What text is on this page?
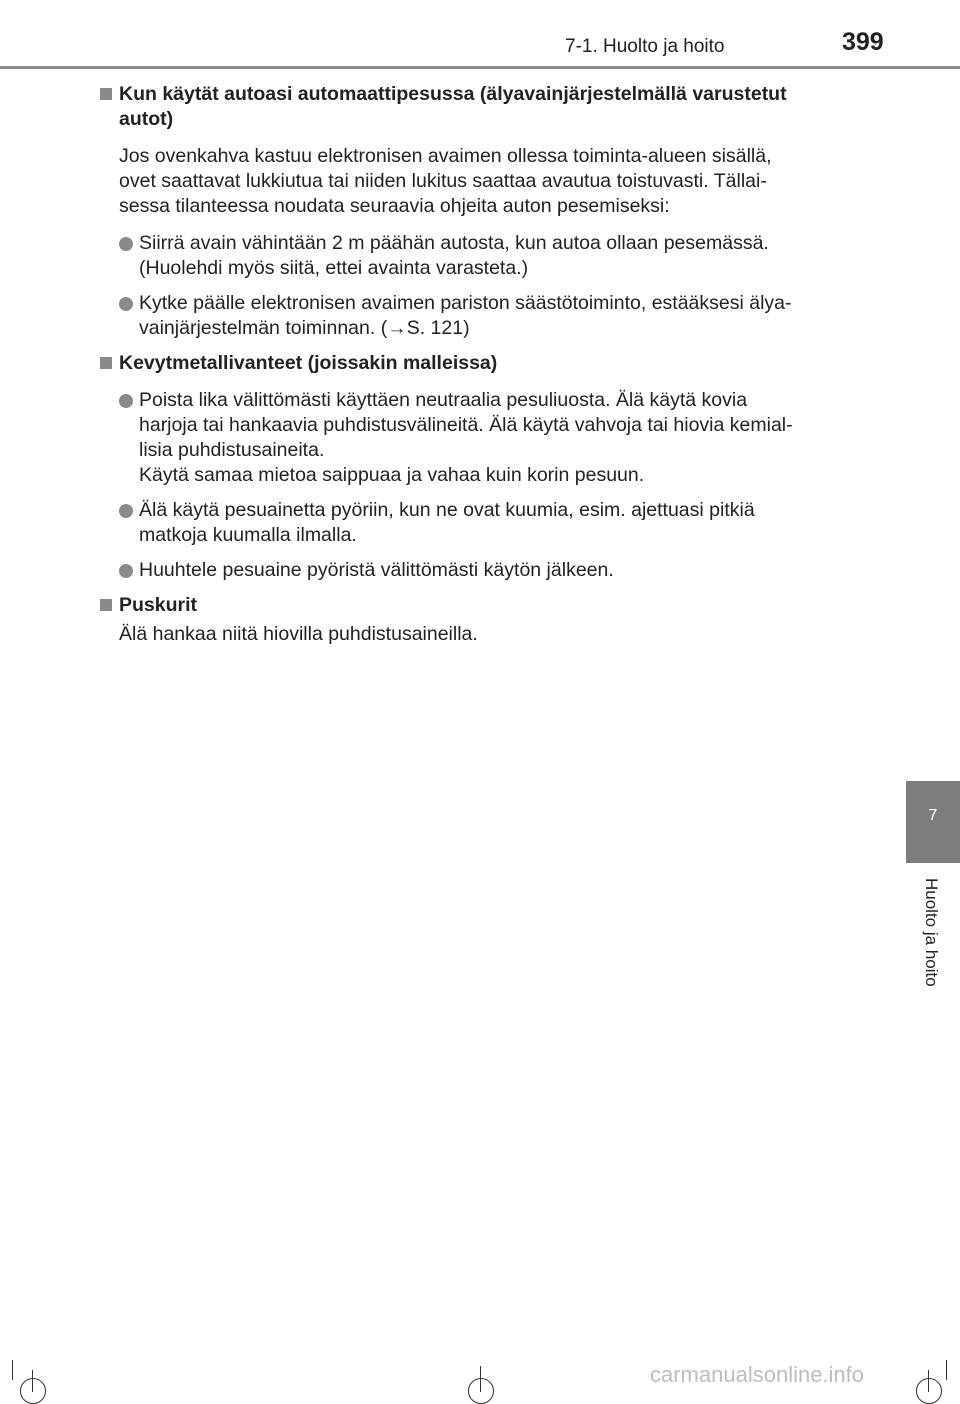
7-1. Huolto ja hoito	399
Kun käytät autoasi automaattipesussa (älyavainjärjestelmällä varustetut
autot)
Jos ovenkahva kastuu elektronisen avaimen ollessa toiminta-alueen sisällä,
ovet saattavat lukkiutua tai niiden lukitus saattaa avautua toistuvasti. Tällai-
sessa tilanteessa noudata seuraavia ohjeita auton pesemiseksi:
Siirrä avain vähintään 2 m päähän autosta, kun autoa ollaan pesemässä.
(Huolehdi myös siitä, ettei avainta varasteta.)
Kytke päälle elektronisen avaimen pariston säästötoiminto, estääksesi älya-
vainjärjestelmän toiminnan. (→S. 121)
Kevytmetallivanteet (joissakin malleissa)
Poista lika välittömästi käyttäen neutraalia pesuliuosta. Älä käytä kovia
harjoja tai hankaavia puhdistusvälineitä. Älä käytä vahvoja tai hiovia kemial-
lisia puhdistusaineita.
Käytä samaa mietoa saippuaa ja vahaa kuin korin pesuun.
Älä käytä pesuainetta pyöriin, kun ne ovat kuumia, esim. ajettuasi pitkiä
matkoja kuumalla ilmalla.
Huuhtele pesuaine pyöristä välittömästi käytön jälkeen.
Puskurit
Älä hankaa niitä hiovilla puhdistusaineilla.
7
Huolto ja hoito
carmanualsonline.info
